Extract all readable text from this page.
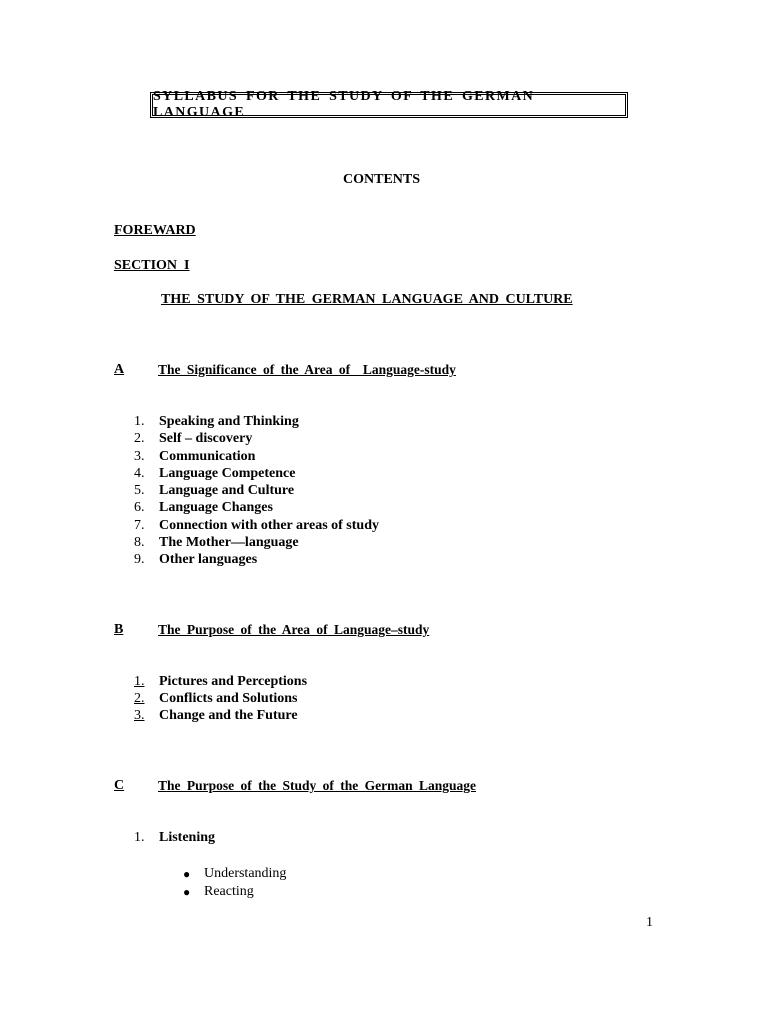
SYLLABUS FOR THE STUDY OF THE GERMAN LANGUAGE
CONTENTS
FOREWARD
SECTION  I
THE STUDY OF THE GERMAN LANGUAGE AND CULTURE
A	The Significance of the Area of  Language-study
1. Speaking and Thinking
2. Self – discovery
3. Communication
4. Language Competence
5. Language and Culture
6. Language Changes
7. Connection with other areas of study
8. The Mother—language
9. Other languages
B	The Purpose of the Area of Language–study
1. Pictures and Perceptions
2. Conflicts and Solutions
3. Change and the Future
C	The Purpose of the Study of the German Language
1. Listening
● Understanding
● Reacting
1
